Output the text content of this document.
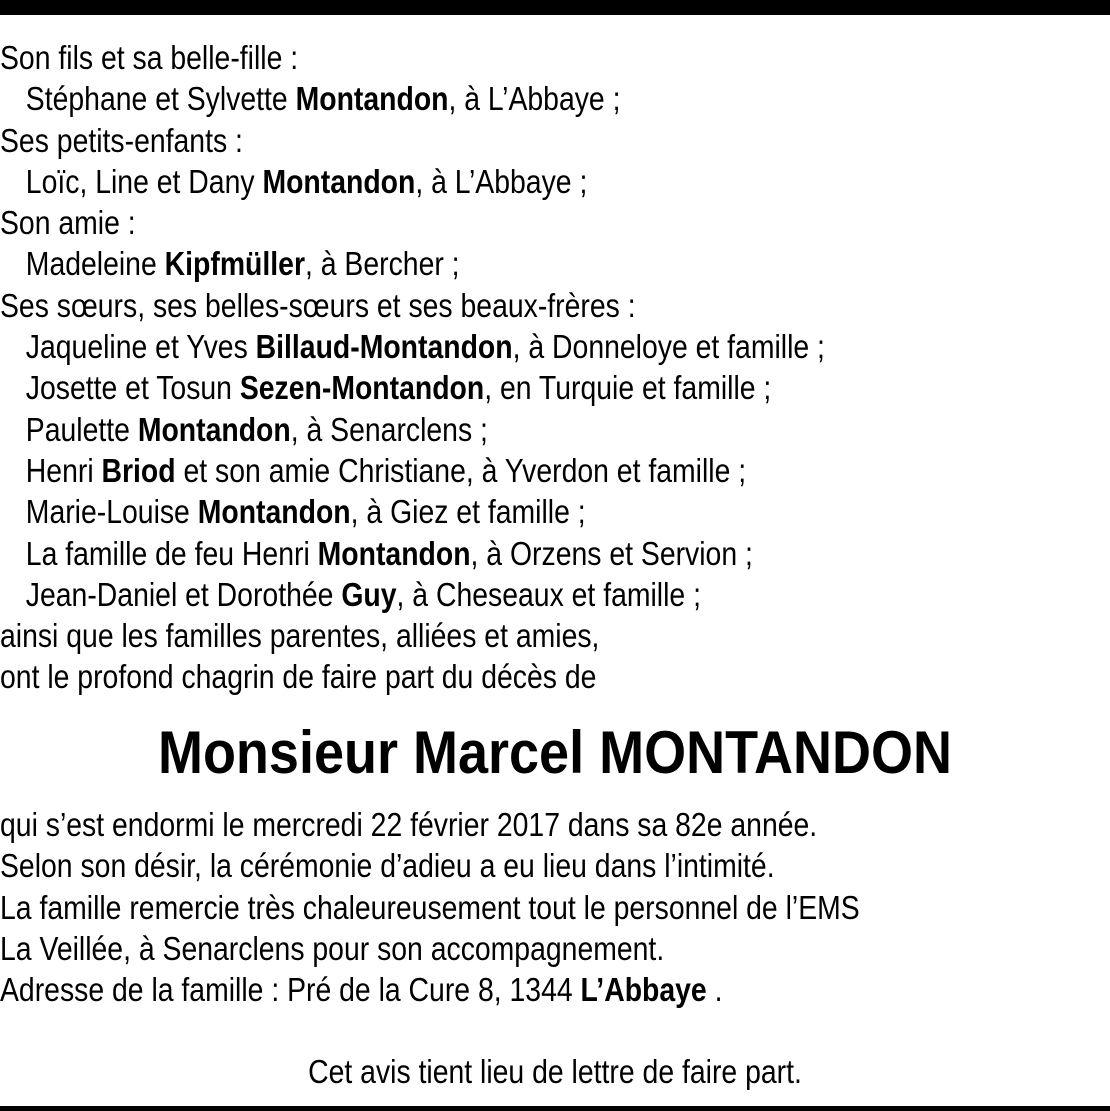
Son fils et sa belle-fille :
Stéphane et Sylvette Montandon, à L’Abbaye ;
Ses petits-enfants :
Loïc, Line et Dany Montandon, à L’Abbaye ;
Son amie :
Madeleine Kipfmüller, à Bercher ;
Ses sœurs, ses belles-sœurs et ses beaux-frères :
Jaqueline et Yves Billaud-Montandon, à Donneloye et famille ;
Josette et Tosun Sezen-Montandon, en Turquie et famille ;
Paulette Montandon, à Senarclens ;
Henri Briod et son amie Christiane, à Yverdon et famille ;
Marie-Louise Montandon, à Giez et famille ;
La famille de feu Henri Montandon, à Orzens et Servion ;
Jean-Daniel et Dorothée Guy, à Cheseaux et famille ;
ainsi que les familles parentes, alliées et amies,
ont le profond chagrin de faire part du décès de
Monsieur Marcel MONTANDON
qui s’est endormi le mercredi 22 février 2017 dans sa 82e année.
Selon son désir, la cérémonie d’adieu a eu lieu dans l’intimité.
La famille remercie très chaleureusement tout le personnel de l’EMS
La Veillée, à Senarclens pour son accompagnement.
Adresse de la famille : Pré de la Cure 8, 1344 L’Abbaye .
Cet avis tient lieu de lettre de faire part.
